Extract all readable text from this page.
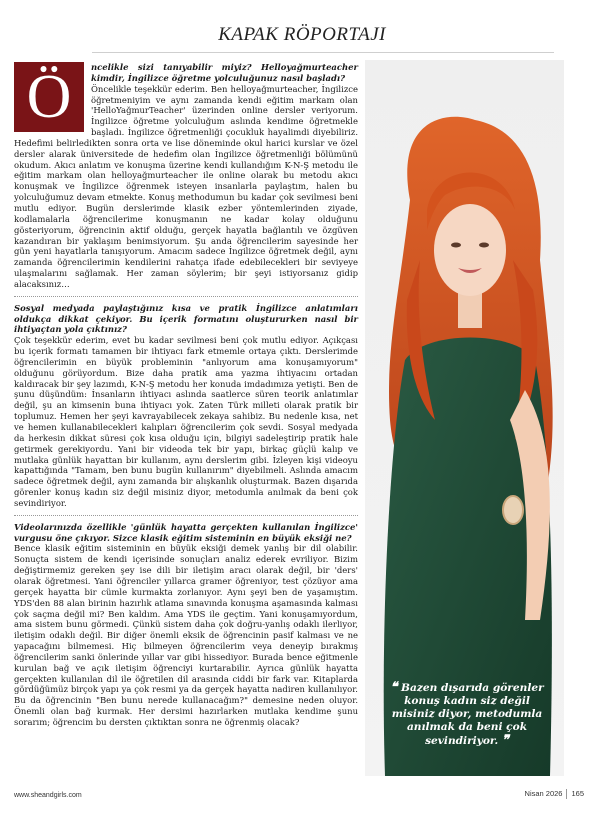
KAPAK RÖPORTAJI
Ö	ncelikle sizi tanıyabilir miyiz? Helloyağmurteacher kimdir, İngilizce öğretme yolculuğunuz nasıl başladı?

Öncelikle teşekkür ederim. Ben helloyağmurteacher, İngilizce öğretmeniyim ve aynı zamanda kendi eğitim markam olan 'HelloYağmurTeacher' üzerinden online dersler veriyorum. İngilizce öğretme yolculuğum aslında kendime öğretmekle başladı. İngilizce öğretmenliği çocukluk hayalimdi diyebiliriz. Hedefimi belirledikten sonra orta ve lise döneminde okul harici kurslar ve özel dersler alarak üniversitede de hedefim olan İngilizce öğretmenliği bölümünü okudum. Akıcı anlatım ve konuşma üzerine kendi kullandığım K-N-Ş metodu ile eğitim markam olan helloyağmurteacher ile online olarak bu metodu akıcı konuşmak ve İngilizce öğrenmek isteyen insanlarla paylaştım, halen bu yolculuğumuz devam etmekte. Konuş methodumun bu kadar çok sevilmesi beni mutlu ediyor. Bugün derslerimde klasik ezber yöntemlerinden ziyade, kodlamalarla öğrencilerime konuşmanın ne kadar kolay olduğunu gösteriyorum, öğrencinin aktif olduğu, gerçek hayatla bağlantılı ve özgüven kazandıran bir yaklaşım benimsiyorum. Şu anda öğrencilerim sayesinde her gün yeni hayatlarla tanışıyorum. Amacım sadece İngilizce öğretmek değil, aynı zamanda öğrencilerimin kendilerini rahatça ifade edebilecekleri bir seviyeye ulaşmalarını sağlamak. Her zaman söylerim; bir şeyi istiyorsanız gidip alacaksınız…

Sosyal medyada paylaştığınız kısa ve pratik İngilizce anlatımları oldukça dikkat çekiyor. Bu içerik formatını oluştururken nasıl bir ihtiyaçtan yola çıktınız?

Çok teşekkür ederim, evet bu kadar sevilmesi beni çok mutlu ediyor. Açıkçası bu içerik formatı tamamen bir ihtiyacı fark etmemle ortaya çıktı. Derslerimde öğrencilerimin en büyük probleminin "anlıyorum ama konuşamıyorum" olduğunu görüyordum. Bize daha pratik ama yazma ihtiyacını ortadan kaldıracak bir şey lazımdı, K-N-Ş metodu her konuda imdadımıza yetişti. Ben de şunu düşündüm: İnsanların ihtiyacı aslında saatlerce süren teorik anlatımlar değil, şu an kimsenin buna ihtiyacı yok. Zaten Türk milleti olarak pratik bir toplumuz. Hemen her şeyi kavrayabilecek zekaya sahibiz. Bu nedenle kısa, net ve hemen kullanabilecekleri kalıpları öğrencilerim çok sevdi. Sosyal medyada da herkesin dikkat süresi çok kısa olduğu için, bilgiyi sadeleştirip pratik hale getirmek gerekiyordu. Yani bir videoda tek bir yapı, birkaç güçlü kalıp ve mutlaka günlük hayattan bir kullanım, aynı derslerim gibi. İzleyen kişi videoyu kapattığında "Tamam, ben bunu bugün kullanırım" diyebilmeli. Aslında amacım sadece öğretmek değil, aynı zamanda bir alışkanlık oluşturmak. Bazen dışarıda görenler konuş kadın siz değil misiniz diyor, metodumla anılmak da beni çok sevindiriyor.

Videolarınızda özellikle 'günlük hayatta gerçekten kullanılan İngilizce' vurgusu öne çıkıyor. Sizce klasik eğitim sisteminin en büyük eksiği ne?

Bence klasik eğitim sisteminin en büyük eksiği demek yanlış bir dil olabilir. Sonuçta sistem de kendi içerisinde sonuçları analiz ederek evriliyor. Bizim değiştirmemiz gereken şey ise dili bir iletişim aracı olarak değil, bir 'ders' olarak öğretmesi. Yani öğrenciler yıllarca gramer öğreniyor, test çözüyor ama gerçek hayatta bir cümle kurmakta zorlanıyor. Aynı şeyi ben de yaşamıştım. YDS'den 88 alan birinin hazırlık atlama sınavında konuşma aşamasında kalması çok saçma değil mi? Ben kaldım. Ama YDS ile geçtim. Yani konuşamıyordum, ama sistem bunu görmedi. Çünkü sistem daha çok doğru-yanlış odaklı ilerliyor, iletişim odaklı değil. Bir diğer önemli eksik de öğrencinin pasif kalması ve ne yapacağını bilmemesi. Hiç bilmeyen öğrencilerim veya deneyip bırakmış öğrencilerim sanki önlerinde yıllar var gibi hissediyor. Burada bence eğitmenle kurulan bağ ve açık iletişim öğrenciyi kurtarabilir. Ayrıca günlük hayatta gerçekten kullanılan dil ile öğretilen dil arasında ciddi bir fark var. Kitaplarda gördüğümüz birçok yapı ya çok resmi ya da gerçek hayatta nadiren kullanılıyor. Bu da öğrencinin "Ben bunu nerede kullanacağım?" demesine neden oluyor. Önemli olan bağ kurmak. Her dersimi hazırlarken mutlaka kendime şunu sorarım; öğrencim bu dersten çıktıktan sonra ne öğrenmiş olacak?

❝ Bazen dışarıda görenler konuş kadın siz değil misiniz diyor, metodumla anılmak da beni çok sevindiriyor. ❞
www.sheandgirls.com	Nisan 2026 165
